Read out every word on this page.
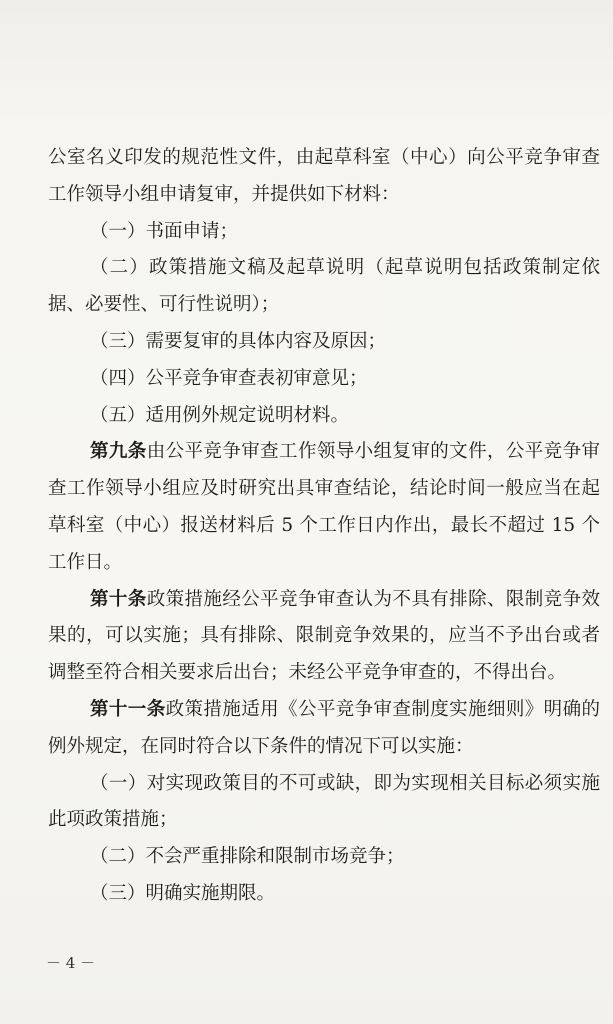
公室名义印发的规范性文件，由起草科室（中心）向公平竞争审查工作领导小组申请复审，并提供如下材料：

（一）书面申请；

（二）政策措施文稿及起草说明（起草说明包括政策制定依据、必要性、可行性说明）；

（三）需要复审的具体内容及原因；

（四）公平竞争审查表初审意见；

（五）适用例外规定说明材料。

第九条由公平竞争审查工作领导小组复审的文件，公平竞争审查工作领导小组应及时研究出具审查结论，结论时间一般应当在起草科室（中心）报送材料后 5 个工作日内作出，最长不超过 15 个工作日。

第十条政策措施经公平竞争审查认为不具有排除、限制竞争效果的，可以实施；具有排除、限制竞争效果的，应当不予出台或者调整至符合相关要求后出台；未经公平竞争审查的，不得出台。

第十一条政策措施适用《公平竞争审查制度实施细则》明确的例外规定，在同时符合以下条件的情况下可以实施：

（一）对实现政策目的不可或缺，即为实现相关目标必须实施此项政策措施；

（二）不会严重排除和限制市场竞争；

（三）明确实施期限。

－ 4 －
